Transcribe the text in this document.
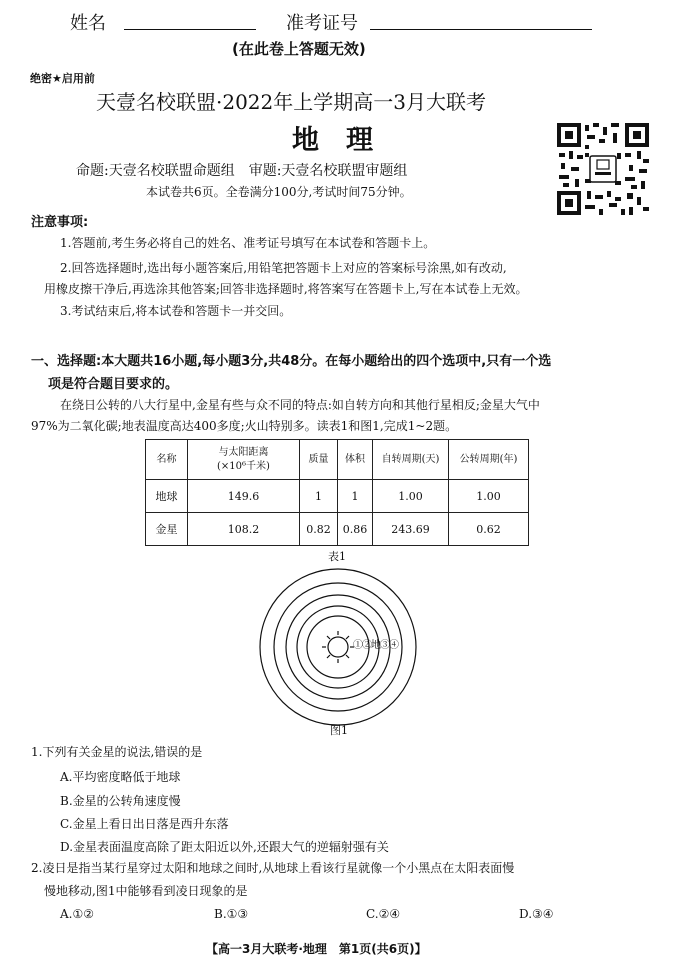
姓名	准考证号
(在此卷上答题无效)
绝密★启用前
天壹名校联盟·2022年上学期高一3月大联考
地　理
命题:天壹名校联盟命题组　审题:天壹名校联盟审题组
本试卷共6页。全卷满分100分,考试时间75分钟。
注意事项:
1.答题前,考生务必将自己的姓名、准考证号填写在本试卷和答题卡上。
2.回答选择题时,选出每小题答案后,用铅笔把答题卡上对应的答案标号涂黑,如有改动,
用橡皮擦干净后,再选涂其他答案;回答非选择题时,将答案写在答题卡上,写在本试卷上无效。
3.考试结束后,将本试卷和答题卡一并交回。
一、选择题:本大题共16小题,每小题3分,共48分。在每小题给出的四个选项中,只有一个选
项是符合题目要求的。
在绕日公转的八大行星中,金星有些与众不同的特点:如自转方向和其他行星相反;金星大气中
97%为二氧化碳;地表温度高达400多度;火山特别多。读表1和图1,完成1~2题。
名称	与太阳距离
(×10⁶千米)	质量	体积	自转周期(天)	公转周期(年)
地球	149.6	1	1	1.00	1.00
金星	108.2	0.82	0.86	243.69	0.62
表1
①②地③④
图1
1.下列有关金星的说法,错误的是
A.平均密度略低于地球
B.金星的公转角速度慢
C.金星上看日出日落是西升东落
D.金星表面温度高除了距太阳近以外,还跟大气的逆辐射强有关
2.凌日是指当某行星穿过太阳和地球之间时,从地球上看该行星就像一个小黑点在太阳表面慢
慢地移动,图1中能够看到凌日现象的是
A.①②	B.①③	C.②④	D.③④
【高一3月大联考·地理　第1页(共6页)】
